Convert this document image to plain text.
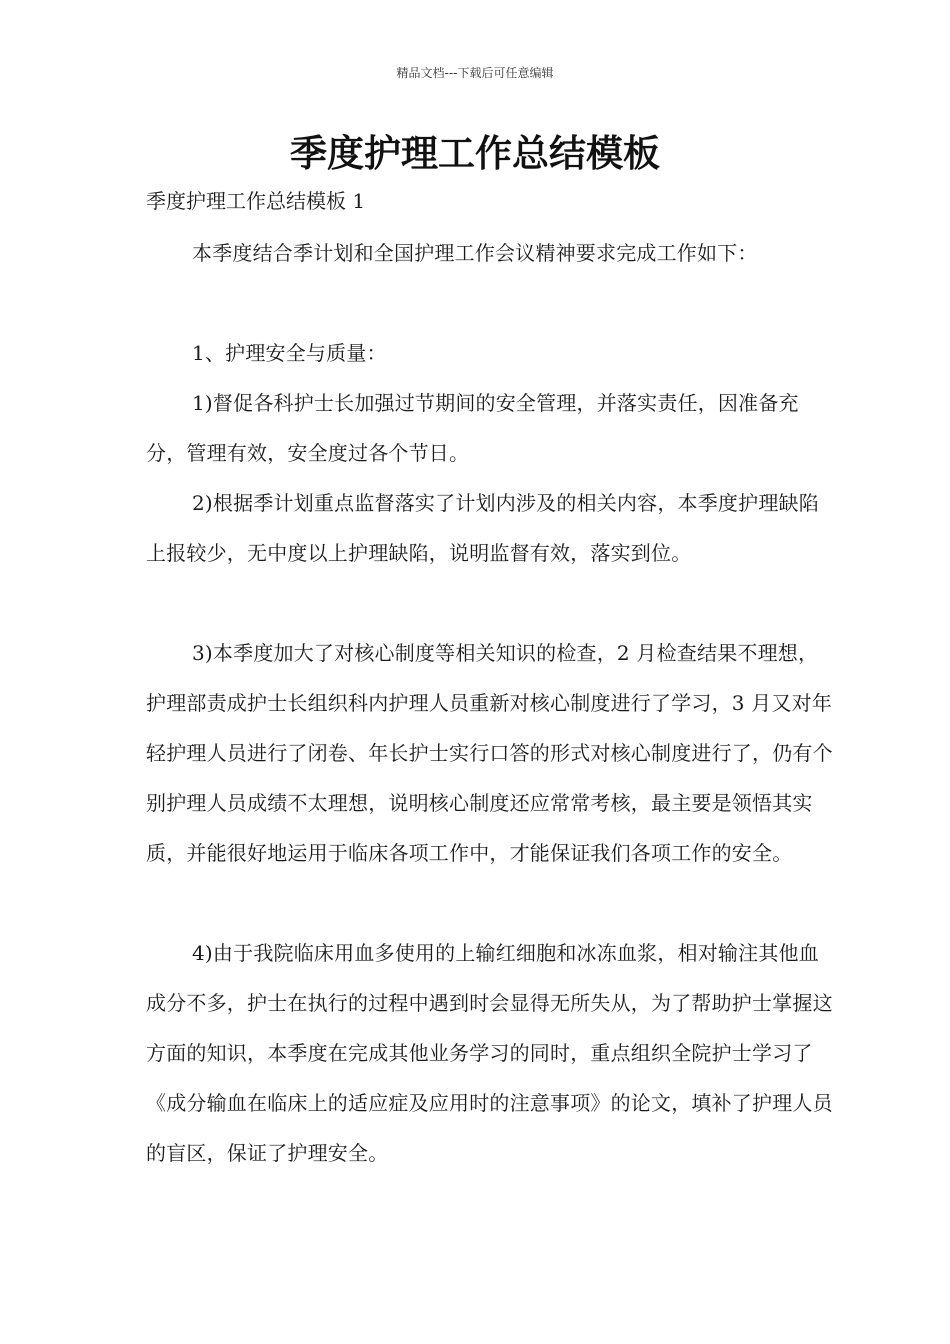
精品文档---下载后可任意编辑
季度护理工作总结模板

季度护理工作总结模板 1

本季度结合季计划和全国护理工作会议精神要求完成工作如下：

1、护理安全与质量：

1)督促各科护士长加强过节期间的安全管理，并落实责任，因准备充分，管理有效，安全度过各个节日。

2)根据季计划重点监督落实了计划内涉及的相关内容，本季度护理缺陷上报较少，无中度以上护理缺陷，说明监督有效，落实到位。

3)本季度加大了对核心制度等相关知识的检查，2 月检查结果不理想，护理部责成护士长组织科内护理人员重新对核心制度进行了学习，3 月又对年轻护理人员进行了闭卷、年长护士实行口答的形式对核心制度进行了，仍有个别护理人员成绩不太理想，说明核心制度还应常常考核，最主要是领悟其实质，并能很好地运用于临床各项工作中，才能保证我们各项工作的安全。

4)由于我院临床用血多使用的上输红细胞和冰冻血浆，相对输注其他血成分不多，护士在执行的过程中遇到时会显得无所失从，为了帮助护士掌握这方面的知识，本季度在完成其他业务学习的同时，重点组织全院护士学习了《成分输血在临床上的适应症及应用时的注意事项》的论文，填补了护理人员的盲区，保证了护理安全。
